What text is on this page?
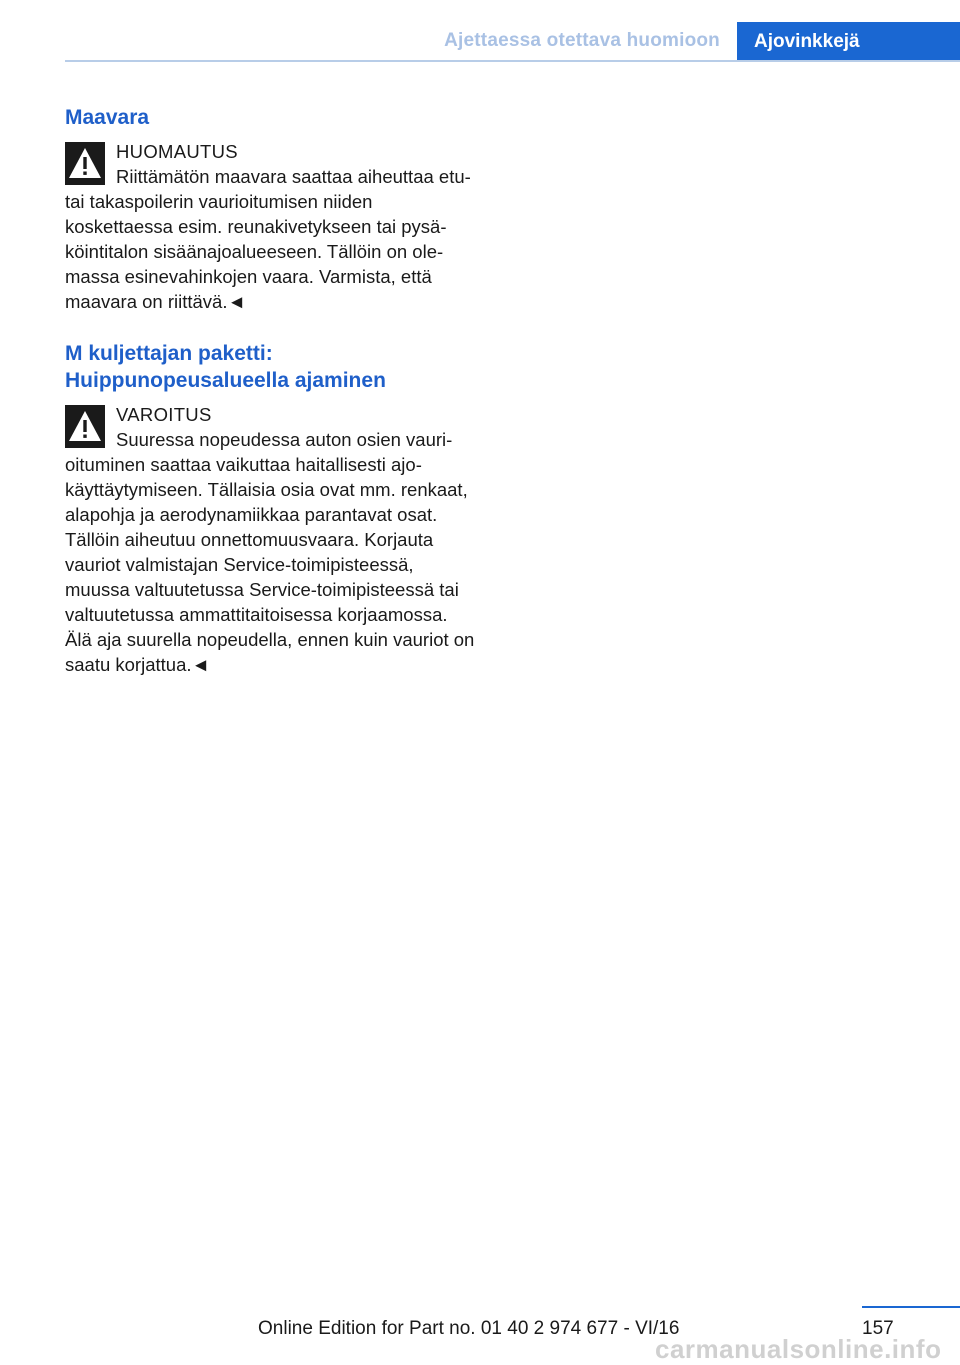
Ajettaessa otettava huomioon	Ajovinkkejä
Maavara
HUOMAUTUS
Riittämätön maavara saattaa aiheuttaa etu- tai takaspoilerin vaurioitumisen niiden koskettaessa esim. reunakivetykseen tai pysäköintitalon sisäänajoalueeseen. Tällöin on olemassa esinevahinkojen vaara. Varmista, että maavara on riittävä.◄
M kuljettajan paketti: Huippunopeusalueella ajaminen
VAROITUS
Suuressa nopeudessa auton osien vaurioituminen saattaa vaikuttaa haitallisesti ajokäyttäytymiseen. Tällaisia osia ovat mm. renkaat, alapohja ja aerodynamiikkaa parantavat osat. Tällöin aiheutuu onnettomuusvaara. Korjauta vauriot valmistajan Service-toimipisteessä, muussa valtuutetussa Service-toimipisteessä tai valtuutetussa ammattitaitoisessa korjaamossa. Älä aja suurella nopeudella, ennen kuin vauriot on saatu korjattua.◄
157
Online Edition for Part no. 01 40 2 974 677 - VI/16
carmanualsonline.info
